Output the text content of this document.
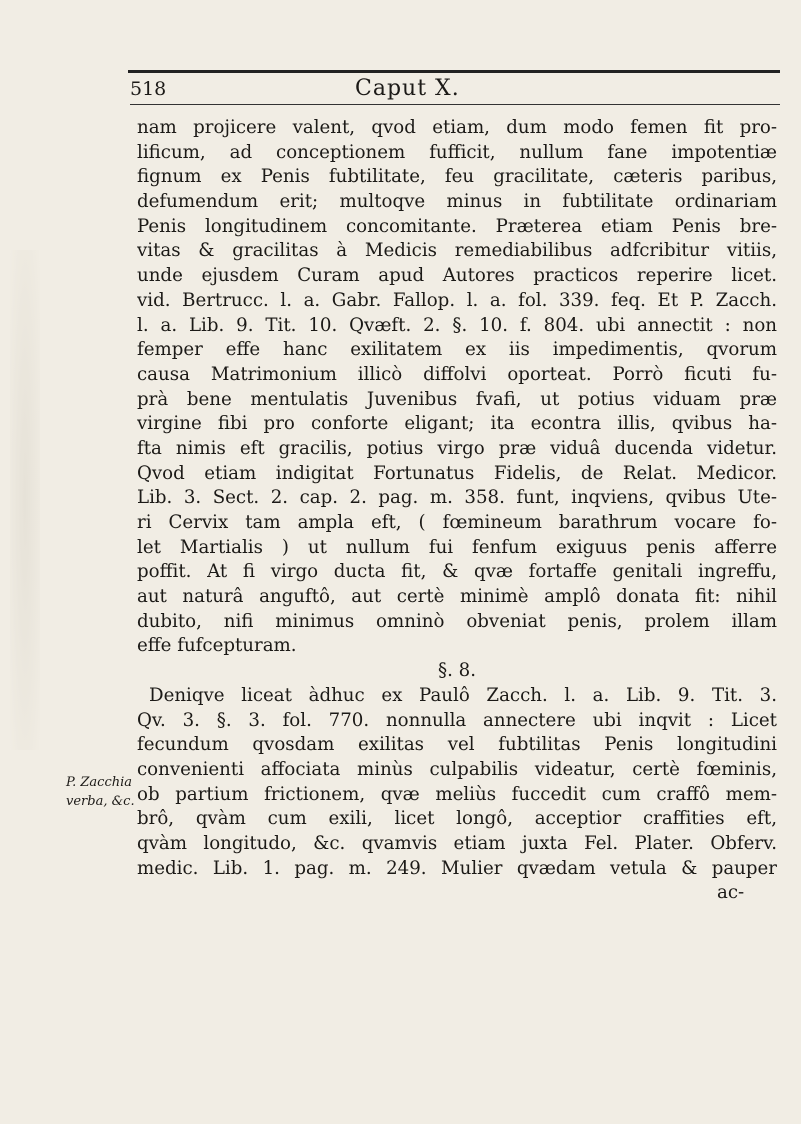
518	Caput X.
P. Zacchia
verba, &c.
nam projicere valent, qvod etiam, dum modo femen fit pro-
lificum, ad conceptionem fufficit, nullum fane impotentiæ
fignum ex Penis fubtilitate, feu gracilitate, cæteris paribus,
defumendum erit; multoqve minus in fubtilitate ordinariam
Penis longitudinem concomitante. Præterea etiam Penis bre-
vitas & gracilitas à Medicis remediabilibus adfcribitur vitiis,
unde ejusdem Curam apud Autores practicos reperire licet.
vid. Bertrucc. l. a. Gabr. Fallop. l. a. fol. 339. feq. Et P. Zacch.
l. a. Lib. 9. Tit. 10. Qvæft. 2. §. 10. f. 804. ubi annectit : non
femper effe hanc exilitatem ex iis impedimentis, qvorum
causa Matrimonium illicò diffolvi oporteat. Porrò ficuti fu-
prà bene mentulatis Juvenibus fvafi, ut potius viduam præ
virgine fibi pro conforte eligant; ita econtra illis, qvibus ha-
fta nimis eft gracilis, potius virgo præ viduâ ducenda videtur.
Qvod etiam indigitat Fortunatus Fidelis, de Relat. Medicor.
Lib. 3. Sect. 2. cap. 2. pag. m. 358. funt, inqviens, qvibus Ute-
ri Cervix tam ampla eft, ( fœmineum barathrum vocare fo-
let Martialis ) ut nullum fui fenfum exiguus penis afferre
poffit. At fi virgo ducta fit, & qvæ fortaffe genitali ingreffu,
aut naturâ anguftô, aut certè minimè amplô donata fit: nihil
dubito, nifi minimus omninò obveniat penis, prolem illam
effe fufcepturam.
§. 8.
Deniqve liceat àdhuc ex Paulô Zacch. l. a. Lib. 9. Tit. 3.
Qv. 3. §. 3. fol. 770. nonnulla annectere ubi inqvit : Licet
fecundum qvosdam exilitas vel fubtilitas Penis longitudini
convenienti affociata minùs culpabilis videatur, certè fœminis,
ob partium frictionem, qvæ meliùs fuccedit cum craffô mem-
brô, qvàm cum exili, licet longô, acceptior craffities eft,
qvàm longitudo, &c. qvamvis etiam juxta Fel. Plater. Obferv.
medic. Lib. 1. pag. m. 249. Mulier qvædam vetula & pauper
ac-
